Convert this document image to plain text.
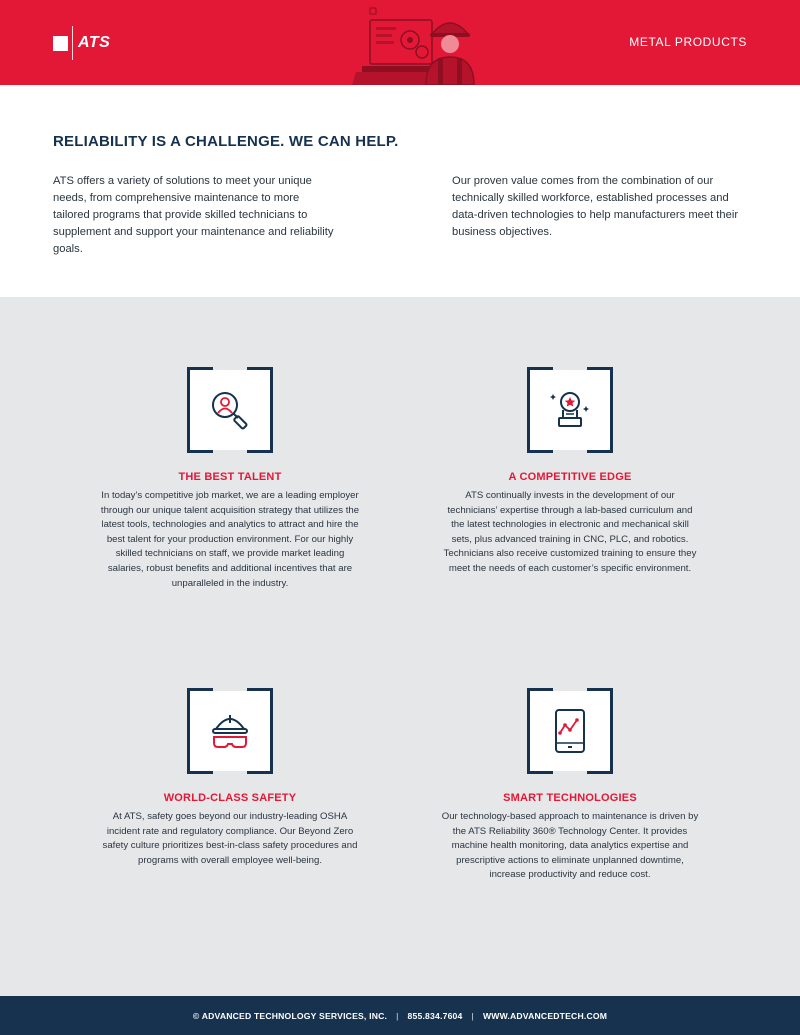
ATS	METAL PRODUCTS
RELIABILITY IS A CHALLENGE. WE CAN HELP.

ATS offers a variety of solutions to meet your unique needs, from comprehensive maintenance to more tailored programs that provide skilled technicians to supplement and support your maintenance and reliability goals.

Our proven value comes from the combination of our technically skilled workforce, established processes and data-driven technologies to help manufacturers meet their business objectives.

THE BEST TALENT
In today’s competitive job market, we are a leading employer through our unique talent acquisition strategy that utilizes the latest tools, technologies and analytics to attract and hire the best talent for your production environment. For our highly skilled technicians on staff, we provide market leading salaries, robust benefits and additional incentives that are unparalleled in the industry.
A COMPETITIVE EDGE
ATS continually invests in the development of our technicians’ expertise through a lab-based curriculum and the latest technologies in electronic and mechanical skill sets, plus advanced training in CNC, PLC, and robotics. Technicians also receive customized training to ensure they meet the needs of each customer’s specific environment.
WORLD-CLASS SAFETY
At ATS, safety goes beyond our industry-leading OSHA incident rate and regulatory compliance. Our Beyond Zero safety culture prioritizes best-in-class safety procedures and programs with overall employee well-being.
SMART TECHNOLOGIES
Our technology-based approach to maintenance is driven by the ATS Reliability 360® Technology Center. It provides machine health monitoring, data analytics expertise and prescriptive actions to eliminate unplanned downtime, increase productivity and reduce cost.
© ADVANCED TECHNOLOGY SERVICES, INC. | 855.834.7604 | WWW.ADVANCEDTECH.COM
